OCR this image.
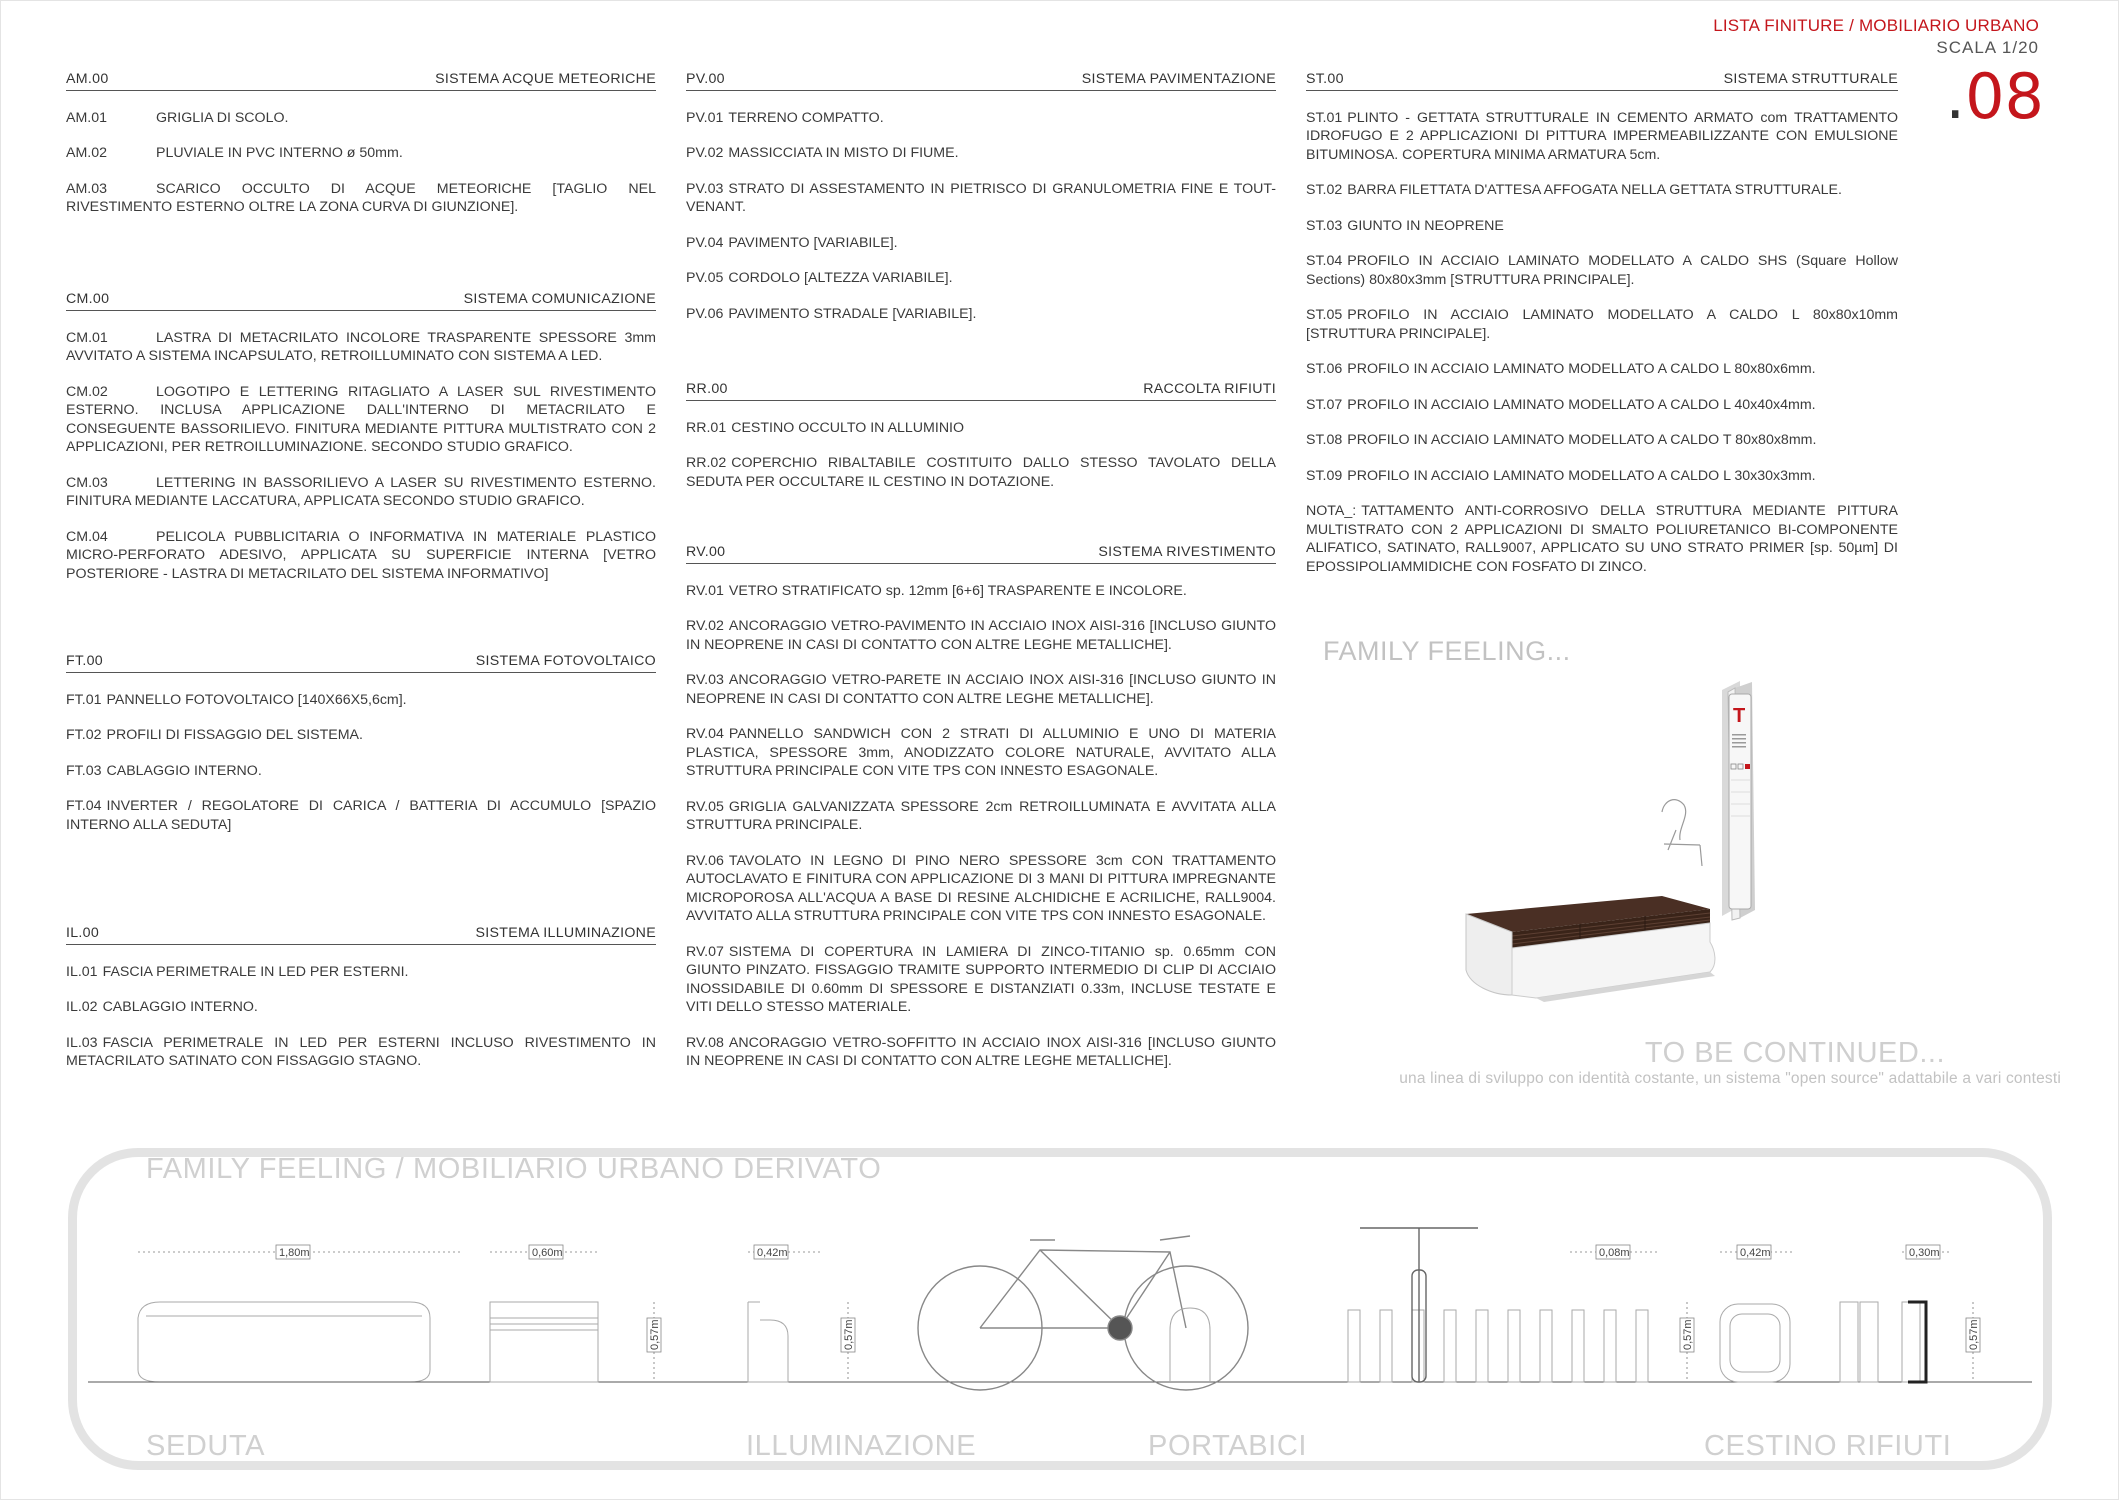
LISTA FINITURE / MOBILIARIO URBANO
SCALA 1/20
.08
AM.00	SISTEMA ACQUE METEORICHE
AM.01	GRIGLIA DI SCOLO.
AM.02	PLUVIALE IN PVC INTERNO ø 50mm.
AM.03	SCARICO OCCULTO DI ACQUE METEORICHE [TAGLIO NEL RIVESTIMENTO ESTERNO OLTRE LA ZONA CURVA DI GIUNZIONE].
CM.00	SISTEMA COMUNICAZIONE
CM.01	LASTRA DI METACRILATO INCOLORE TRASPARENTE SPESSORE 3mm AVVITATO A SISTEMA INCAPSULATO, RETROILLUMINATO CON SISTEMA A LED.
CM.02	LOGOTIPO E LETTERING RITAGLIATO A LASER SUL RIVESTIMENTO ESTERNO. INCLUSA APPLICAZIONE DALL'INTERNO DI METACRILATO E CONSEGUENTE BASSORILIEVO. FINITURA MEDIANTE PITTURA MULTISTRATO CON 2 APPLICAZIONI, PER RETROILLUMINAZIONE. SECONDO STUDIO GRAFICO.
CM.03	LETTERING IN BASSORILIEVO A LASER SU RIVESTIMENTO ESTERNO. FINITURA MEDIANTE LACCATURA, APPLICATA SECONDO STUDIO GRAFICO.
CM.04	PELICOLA PUBBLICITARIA O INFORMATIVA IN MATERIALE PLASTICO MICRO-PERFORATO ADESIVO, APPLICATA SU SUPERFICIE INTERNA [VETRO POSTERIORE - LASTRA DI METACRILATO DEL SISTEMA INFORMATIVO]
FT.00	SISTEMA FOTOVOLTAICO
FT.01 PANNELLO FOTOVOLTAICO [140X66X5,6cm].
FT.02 PROFILI DI FISSAGGIO DEL SISTEMA.
FT.03 CABLAGGIO INTERNO.
FT.04 INVERTER / REGOLATORE DI CARICA / BATTERIA DI ACCUMULO [SPAZIO INTERNO ALLA SEDUTA]
IL.00	SISTEMA ILLUMINAZIONE
IL.01 FASCIA PERIMETRALE IN LED PER ESTERNI.
IL.02 CABLAGGIO INTERNO.
IL.03 FASCIA PERIMETRALE IN LED PER ESTERNI INCLUSO RIVESTIMENTO IN METACRILATO SATINATO CON FISSAGGIO STAGNO.
PV.00	SISTEMA PAVIMENTAZIONE
PV.01 TERRENO COMPATTO.
PV.02 MASSICCIATA IN MISTO DI FIUME.
PV.03 STRATO DI ASSESTAMENTO IN PIETRISCO DI GRANULOMETRIA FINE E TOUT-VENANT.
PV.04 PAVIMENTO [VARIABILE].
PV.05 CORDOLO [ALTEZZA VARIABILE].
PV.06 PAVIMENTO STRADALE [VARIABILE].
RR.00	RACCOLTA RIFIUTI
RR.01 CESTINO OCCULTO IN ALLUMINIO
RR.02 COPERCHIO RIBALTABILE COSTITUITO DALLO STESSO TAVOLATO DELLA SEDUTA PER OCCULTARE IL CESTINO IN DOTAZIONE.
RV.00	SISTEMA RIVESTIMENTO
RV.01 VETRO STRATIFICATO sp. 12mm [6+6] TRASPARENTE E INCOLORE.
RV.02 ANCORAGGIO VETRO-PAVIMENTO IN ACCIAIO INOX AISI-316 [INCLUSO GIUNTO IN NEOPRENE IN CASI DI CONTATTO CON ALTRE LEGHE METALLICHE].
RV.03 ANCORAGGIO VETRO-PARETE IN ACCIAIO INOX AISI-316 [INCLUSO GIUNTO IN NEOPRENE IN CASI DI CONTATTO CON ALTRE LEGHE METALLICHE].
RV.04 PANNELLO SANDWICH CON 2 STRATI DI ALLUMINIO E UNO DI MATERIA PLASTICA, SPESSORE 3mm, ANODIZZATO COLORE NATURALE, AVVITATO ALLA STRUTTURA PRINCIPALE CON VITE TPS CON INNESTO ESAGONALE.
RV.05 GRIGLIA GALVANIZZATA SPESSORE 2cm RETROILLUMINATA E AVVITATA ALLA STRUTTURA PRINCIPALE.
RV.06 TAVOLATO IN LEGNO DI PINO NERO SPESSORE 3cm CON TRATTAMENTO AUTOCLAVATO E FINITURA CON APPLICAZIONE DI 3 MANI DI PITTURA IMPREGNANTE MICROPOROSA ALL'ACQUA A BASE DI RESINE ALCHIDICHE E ACRILICHE, RALL9004. AVVITATO ALLA STRUTTURA PRINCIPALE CON VITE TPS CON INNESTO ESAGONALE.
RV.07 SISTEMA DI COPERTURA IN LAMIERA DI ZINCO-TITANIO sp. 0.65mm CON GIUNTO PINZATO. FISSAGGIO TRAMITE SUPPORTO INTERMEDIO DI CLIP DI ACCIAIO INOSSIDABILE DI 0.60mm DI SPESSORE E DISTANZIATI 0.33m, INCLUSE TESTATE E VITI DELLO STESSO MATERIALE.
RV.08 ANCORAGGIO VETRO-SOFFITTO IN ACCIAIO INOX AISI-316 [INCLUSO GIUNTO IN NEOPRENE IN CASI DI CONTATTO CON ALTRE LEGHE METALLICHE].
ST.00	SISTEMA STRUTTURALE
ST.01 PLINTO - GETTATA STRUTTURALE IN CEMENTO ARMATO com TRATTAMENTO IDROFUGO E 2 APPLICAZIONI DI PITTURA IMPERMEABILIZZANTE CON EMULSIONE BITUMINOSA. COPERTURA MINIMA ARMATURA 5cm.
ST.02 BARRA FILETTATA D'ATTESA AFFOGATA NELLA GETTATA STRUTTURALE.
ST.03 GIUNTO IN NEOPRENE
ST.04 PROFILO IN ACCIAIO LAMINATO MODELLATO A CALDO SHS (Square Hollow Sections) 80x80x3mm [STRUTTURA PRINCIPALE].
ST.05 PROFILO IN ACCIAIO LAMINATO MODELLATO A CALDO L 80x80x10mm [STRUTTURA PRINCIPALE].
ST.06 PROFILO IN ACCIAIO LAMINATO MODELLATO A CALDO L 80x80x6mm.
ST.07 PROFILO IN ACCIAIO LAMINATO MODELLATO A CALDO L 40x40x4mm.
ST.08 PROFILO IN ACCIAIO LAMINATO MODELLATO A CALDO T 80x80x8mm.
ST.09 PROFILO IN ACCIAIO LAMINATO MODELLATO A CALDO L 30x30x3mm.
NOTA_: TATTAMENTO ANTI-CORROSIVO DELLA STRUTTURA MEDIANTE PITTURA MULTISTRATO CON 2 APPLICAZIONI DI SMALTO POLIURETANICO BI-COMPONENTE ALIFATICO, SATINATO, RALL9007, APPLICATO SU UNO STRATO PRIMER [sp. 50µm] DI EPOSSIPOLIAMMIDICHE CON FOSFATO DI ZINCO.
FAMILY FEELING...
T
TO BE CONTINUED...
una linea di sviluppo con identità costante, un sistema "open source" adattabile a vari contesti
FAMILY FEELING / MOBILIARIO URBANO DERIVATO
1,80m	0,60m
0,57m
0,42m
0,57m
0,08m
0,57m
0,42m	0,30m
0,57m
SEDUTA	ILLUMINAZIONE	PORTABICI	CESTINO RIFIUTI
